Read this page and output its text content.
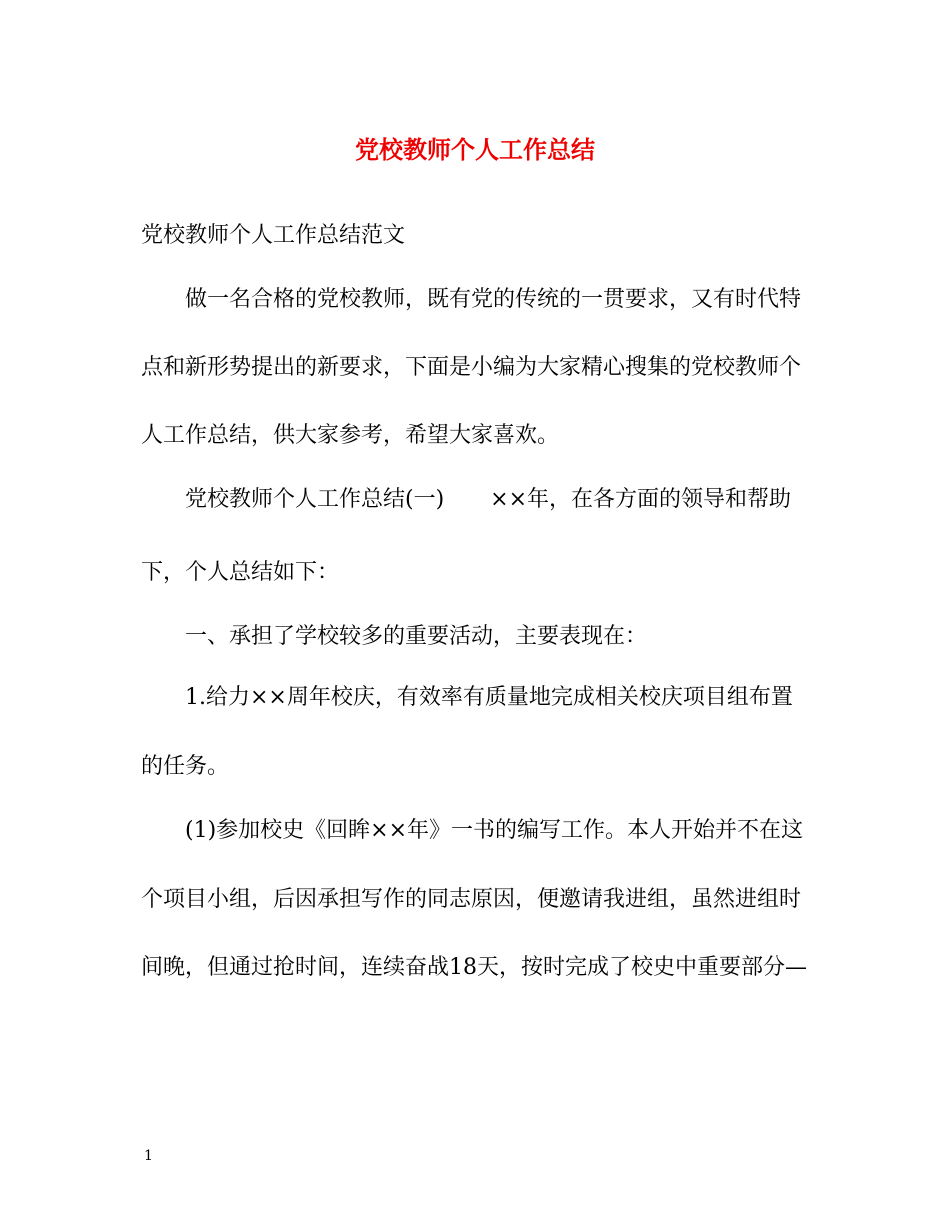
党校教师个人工作总结
党校教师个人工作总结范文
做一名合格的党校教师，既有党的传统的一贯要求，又有时代特
点和新形势提出的新要求，下面是小编为大家精心搜集的党校教师个
人工作总结，供大家参考，希望大家喜欢。
党校教师个人工作总结(一) ××年，在各方面的领导和帮助
下，个人总结如下：
一、承担了学校较多的重要活动，主要表现在：
1.给力××周年校庆，有效率有质量地完成相关校庆项目组布置
的任务。
(1)参加校史《回眸××年》一书的编写工作。本人开始并不在这
个项目小组，后因承担写作的同志原因，便邀请我进组，虽然进组时
间晚，但通过抢时间，连续奋战18天，按时完成了校史中重要部分—
1
